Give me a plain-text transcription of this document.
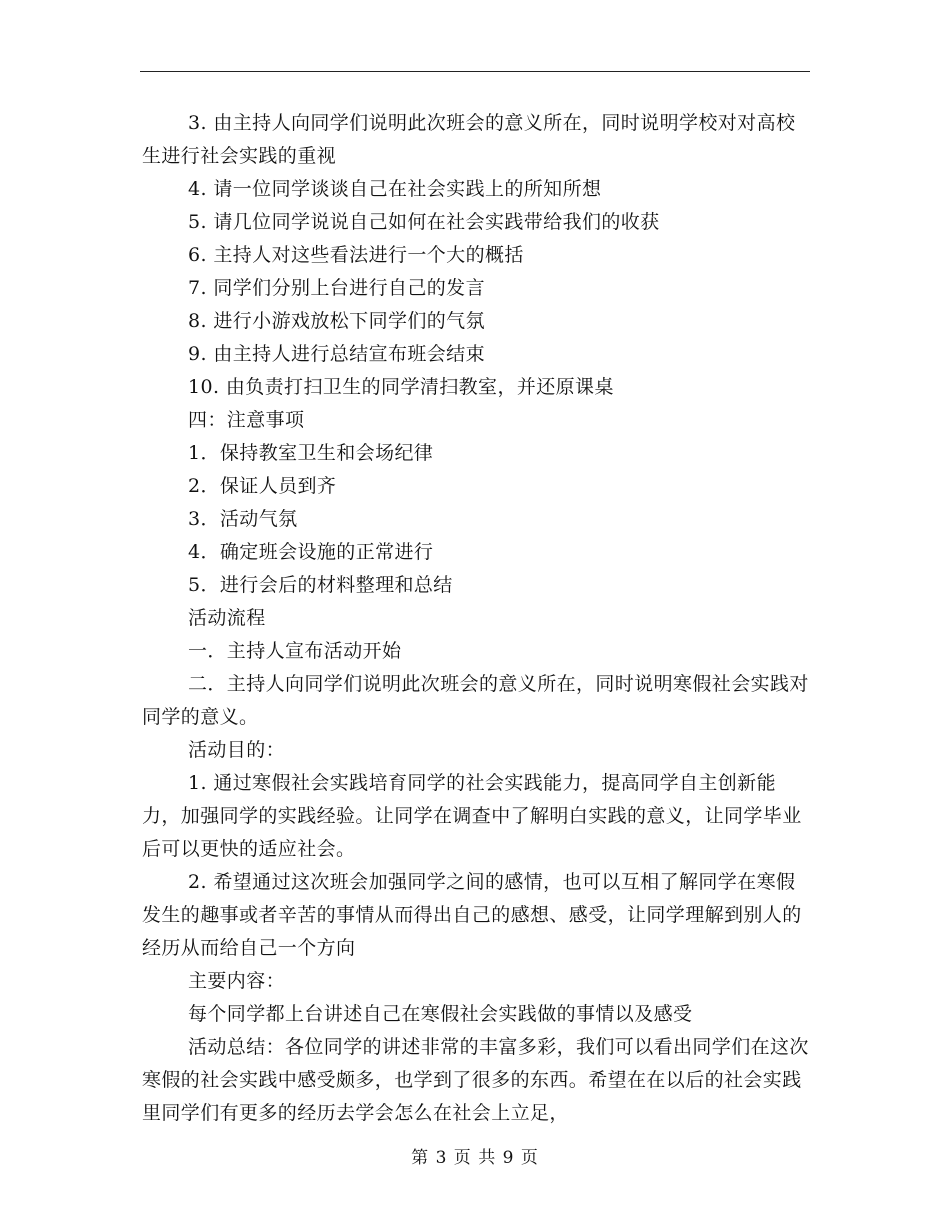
3. 由主持人向同学们说明此次班会的意义所在，同时说明学校对对高校生进行社会实践的重视

4. 请一位同学谈谈自己在社会实践上的所知所想

5. 请几位同学说说自己如何在社会实践带给我们的收获

6. 主持人对这些看法进行一个大的概括

7. 同学们分别上台进行自己的发言

8. 进行小游戏放松下同学们的气氛

9. 由主持人进行总结宣布班会结束

10. 由负责打扫卫生的同学清扫教室，并还原课桌

四：注意事项

1．保持教室卫生和会场纪律

2．保证人员到齐

3．活动气氛

4．确定班会设施的正常进行

5．进行会后的材料整理和总结

活动流程

一．主持人宣布活动开始

二．主持人向同学们说明此次班会的意义所在，同时说明寒假社会实践对同学的意义。

活动目的：

1. 通过寒假社会实践培育同学的社会实践能力，提高同学自主创新能力，加强同学的实践经验。让同学在调查中了解明白实践的意义，让同学毕业后可以更快的适应社会。

2. 希望通过这次班会加强同学之间的感情，也可以互相了解同学在寒假发生的趣事或者辛苦的事情从而得出自己的感想、感受，让同学理解到别人的经历从而给自己一个方向

主要内容：

每个同学都上台讲述自己在寒假社会实践做的事情以及感受

活动总结：各位同学的讲述非常的丰富多彩，我们可以看出同学们在这次寒假的社会实践中感受颇多，也学到了很多的东西。希望在在以后的社会实践里同学们有更多的经历去学会怎么在社会上立足，

第 3 页 共 9 页
